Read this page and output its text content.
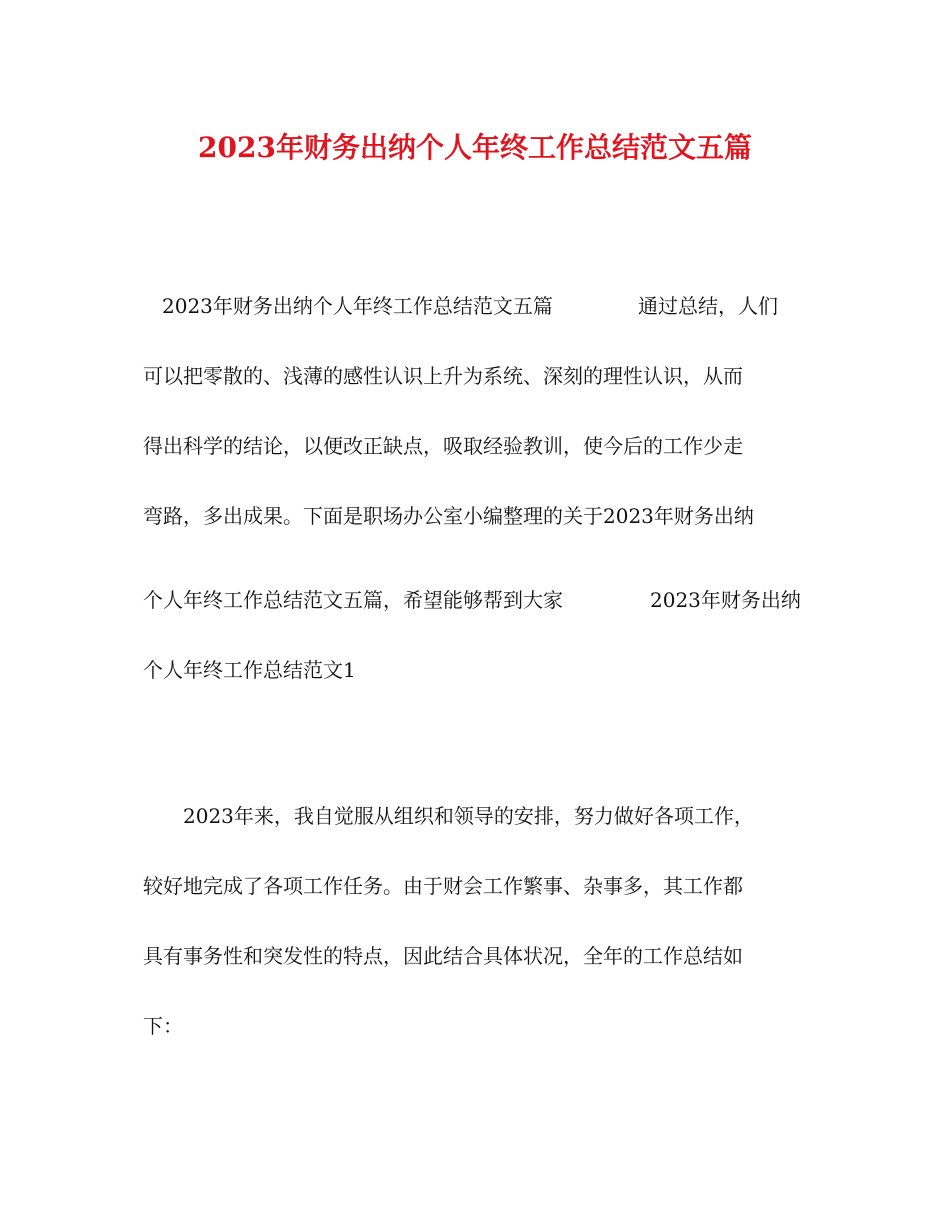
2023年财务出纳个人年终工作总结范文五篇
2023年财务出纳个人年终工作总结范文五篇	通过总结，人们
可以把零散的、浅薄的感性认识上升为系统、深刻的理性认识，从而
得出科学的结论，以便改正缺点，吸取经验教训，使今后的工作少走
弯路，多出成果。下面是职场办公室小编整理的关于2023年财务出纳
个人年终工作总结范文五篇，希望能够帮到大家	2023年财务出纳
个人年终工作总结范文1
2023年来，我自觉服从组织和领导的安排，努力做好各项工作，
较好地完成了各项工作任务。由于财会工作繁事、杂事多，其工作都
具有事务性和突发性的特点，因此结合具体状况，全年的工作总结如
下：
